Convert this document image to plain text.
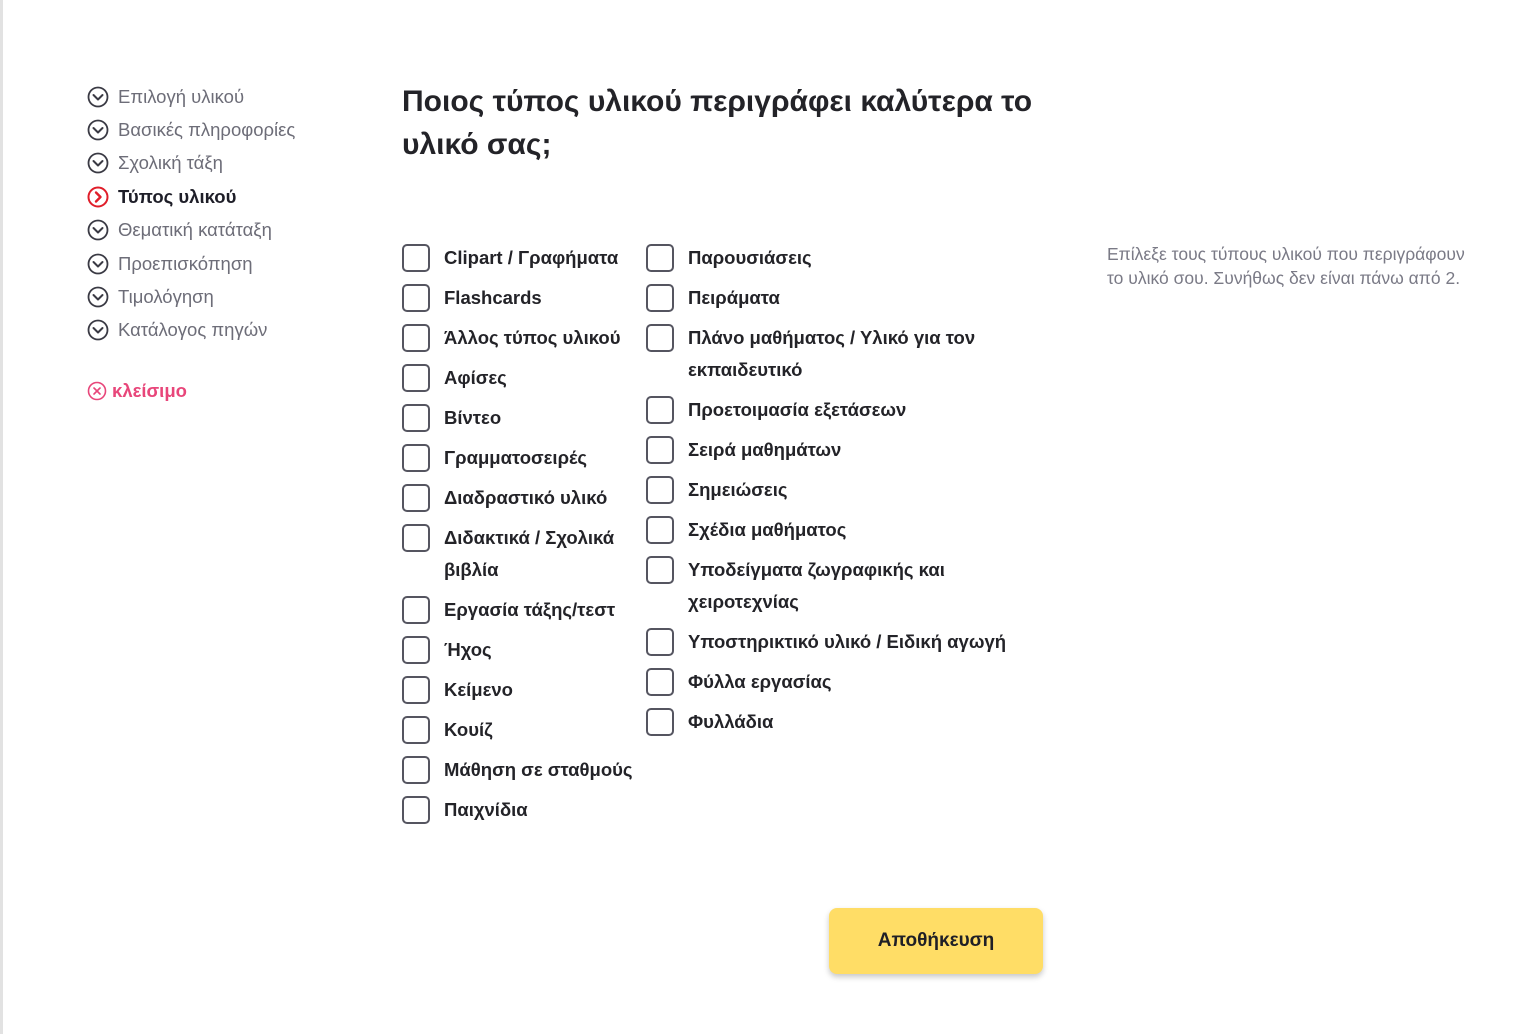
Επιλογή υλικού
Βασικές πληροφορίες
Σχολική τάξη
Τύπος υλικού
Θεματική κατάταξη
Προεπισκόπηση
Τιμολόγηση
Κατάλογος πηγών
κλείσιμο
Ποιος τύπος υλικού περιγράφει καλύτερα το υλικό σας;
Clipart / Γραφήματα
Flashcards
Άλλος τύπος υλικού
Αφίσες
Βίντεο
Γραμματοσειρές
Διαδραστικό υλικό
Διδακτικά / Σχολικά βιβλία
Εργασία τάξης/τεστ
Ήχος
Κείμενο
Κουίζ
Μάθηση σε σταθμούς
Παιχνίδια
Παρουσιάσεις
Πειράματα
Πλάνο μαθήματος / Υλικό για τον εκπαιδευτικό
Προετοιμασία εξετάσεων
Σειρά μαθημάτων
Σημειώσεις
Σχέδια μαθήματος
Υποδείγματα ζωγραφικής και χειροτεχνίας
Υποστηρικτικό υλικό / Ειδική αγωγή
Φύλλα εργασίας
Φυλλάδια

Επίλεξε τους τύπους υλικού που περιγράφουν το υλικό σου. Συνήθως δεν είναι πάνω από 2.

Αποθήκευση
